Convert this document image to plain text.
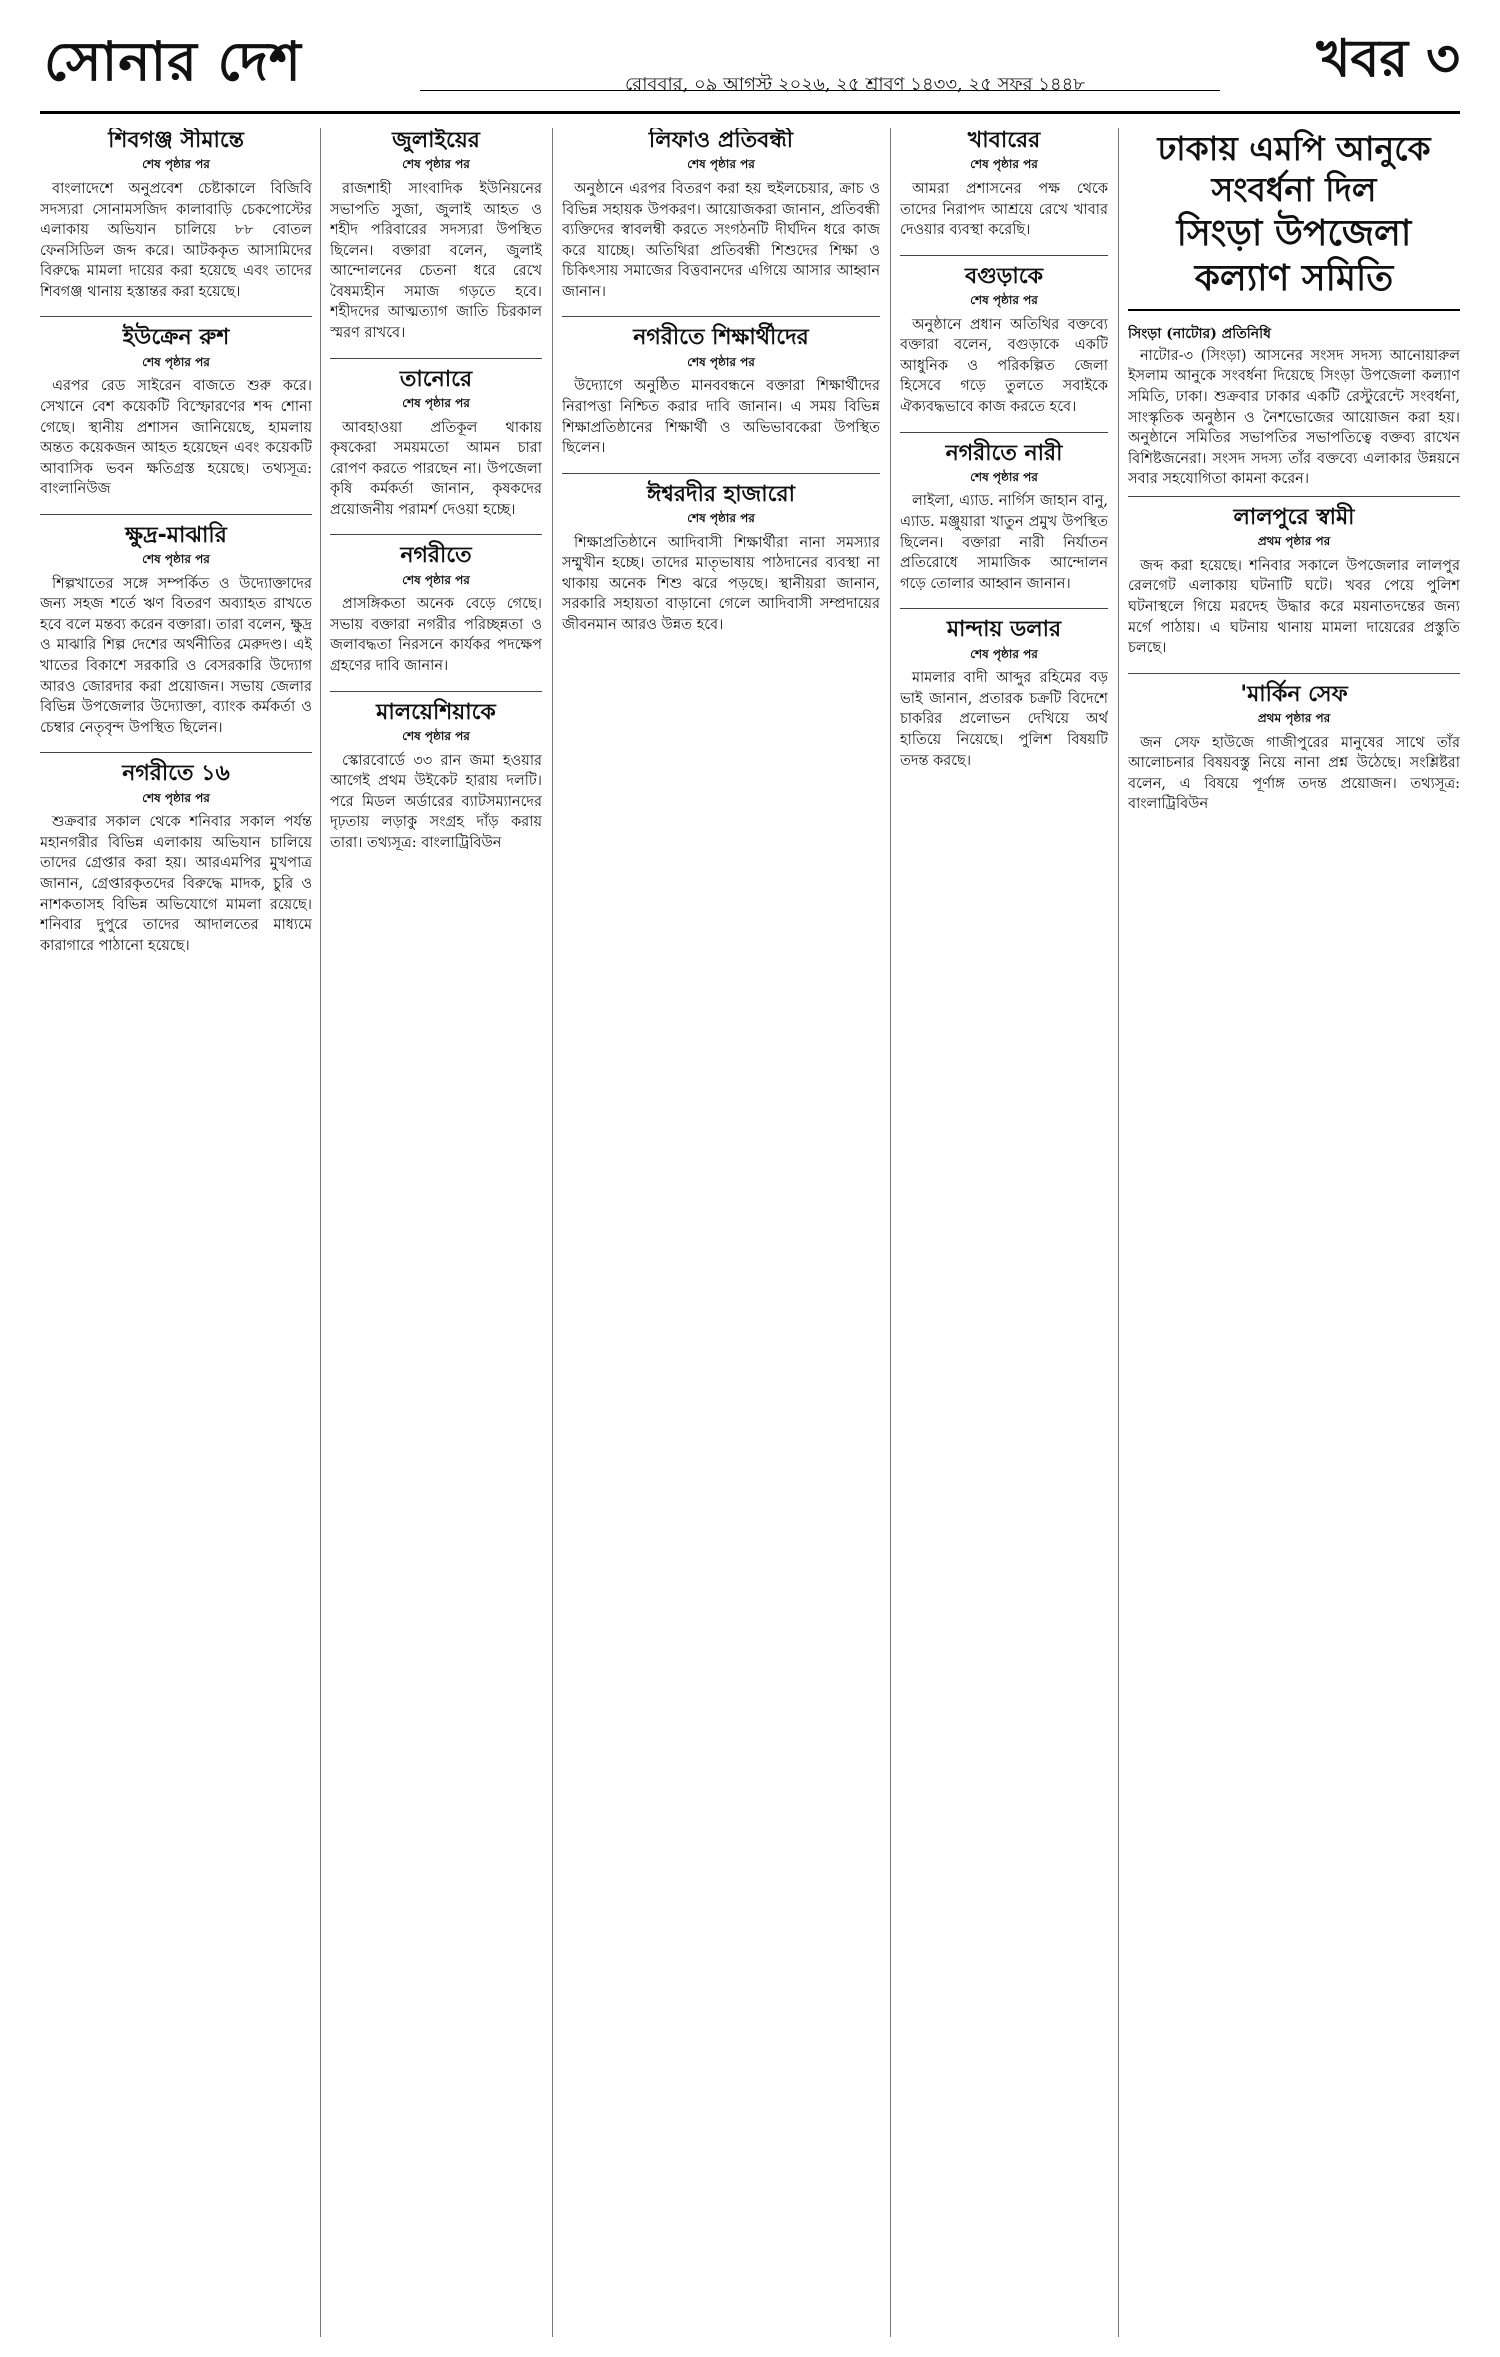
সোনার দেশ	রোববার, ০৯ আগস্ট ২০২৬, ২৫ শ্রাবণ ১৪৩৩, ২৫ সফর ১৪৪৮	খবর ৩
শিবগঞ্জ সীমান্তে
শেষ পৃষ্ঠার পর
বাংলাদেশে অনুপ্রবেশ চেষ্টাকালে বিজিবি সদস্যরা সোনামসজিদ কালাবাড়ি চেকপোস্টের এলাকায় অভিযান চালিয়ে ৮৮ বোতল ফেনসিডিল জব্দ করে। আটককৃত আসামিদের বিরুদ্ধে মামলা দায়ের করা হয়েছে এবং তাদের শিবগঞ্জ থানায় হস্তান্তর করা হয়েছে।
ইউক্রেন রুশ
শেষ পৃষ্ঠার পর
এরপর রেড সাইরেন বাজতে শুরু করে। সেখানে বেশ কয়েকটি বিস্ফোরণের শব্দ শোনা গেছে। স্থানীয় প্রশাসন জানিয়েছে, হামলায় অন্তত কয়েকজন আহত হয়েছেন এবং কয়েকটি আবাসিক ভবন ক্ষতিগ্রস্ত হয়েছে। তথ্যসূত্র: বাংলানিউজ
ক্ষুদ্র-মাঝারি
শেষ পৃষ্ঠার পর
শিল্পখাতের সঙ্গে সম্পর্কিত ও উদ্যোক্তাদের জন্য সহজ শর্তে ঋণ বিতরণ অব্যাহত রাখতে হবে বলে মন্তব্য করেন বক্তারা। তারা বলেন, ক্ষুদ্র ও মাঝারি শিল্প দেশের অর্থনীতির মেরুদণ্ড। এই খাতের বিকাশে সরকারি ও বেসরকারি উদ্যোগ আরও জোরদার করা প্রয়োজন। সভায় জেলার বিভিন্ন উপজেলার উদ্যোক্তা, ব্যাংক কর্মকর্তা ও চেম্বার নেতৃবৃন্দ উপস্থিত ছিলেন।
নগরীতে ১৬
শেষ পৃষ্ঠার পর
শুক্রবার সকাল থেকে শনিবার সকাল পর্যন্ত মহানগরীর বিভিন্ন এলাকায় অভিযান চালিয়ে তাদের গ্রেপ্তার করা হয়। আরএমপির মুখপাত্র জানান, গ্রেপ্তারকৃতদের বিরুদ্ধে মাদক, চুরি ও নাশকতাসহ বিভিন্ন অভিযোগে মামলা রয়েছে। শনিবার দুপুরে তাদের আদালতের মাধ্যমে কারাগারে পাঠানো হয়েছে।
জুলাইয়ের
শেষ পৃষ্ঠার পর
রাজশাহী সাংবাদিক ইউনিয়নের সভাপতি সুজা, জুলাই আহত ও শহীদ পরিবারের সদস্যরা উপস্থিত ছিলেন। বক্তারা বলেন, জুলাই আন্দোলনের চেতনা ধরে রেখে বৈষম্যহীন সমাজ গড়তে হবে। শহীদদের আত্মত্যাগ জাতি চিরকাল স্মরণ রাখবে।
তানোরে
শেষ পৃষ্ঠার পর
আবহাওয়া প্রতিকূল থাকায় কৃষকেরা সময়মতো আমন চারা রোপণ করতে পারছেন না। উপজেলা কৃষি কর্মকর্তা জানান, কৃষকদের প্রয়োজনীয় পরামর্শ দেওয়া হচ্ছে।
নগরীতে
শেষ পৃষ্ঠার পর
প্রাসঙ্গিকতা অনেক বেড়ে গেছে। সভায় বক্তারা নগরীর পরিচ্ছন্নতা ও জলাবদ্ধতা নিরসনে কার্যকর পদক্ষেপ গ্রহণের দাবি জানান।
মালয়েশিয়াকে
শেষ পৃষ্ঠার পর
স্কোরবোর্ডে ৩৩ রান জমা হওয়ার আগেই প্রথম উইকেট হারায় দলটি। পরে মিডল অর্ডারের ব্যাটসম্যানদের দৃঢ়তায় লড়াকু সংগ্রহ দাঁড় করায় তারা। তথ্যসূত্র: বাংলাট্রিবিউন
লিফাও প্রতিবন্ধী
শেষ পৃষ্ঠার পর
অনুষ্ঠানে এরপর বিতরণ করা হয় হুইলচেয়ার, ক্রাচ ও বিভিন্ন সহায়ক উপকরণ। আয়োজকরা জানান, প্রতিবন্ধী ব্যক্তিদের স্বাবলম্বী করতে সংগঠনটি দীর্ঘদিন ধরে কাজ করে যাচ্ছে। অতিথিরা প্রতিবন্ধী শিশুদের শিক্ষা ও চিকিৎসায় সমাজের বিত্তবানদের এগিয়ে আসার আহ্বান জানান।
নগরীতে শিক্ষার্থীদের
শেষ পৃষ্ঠার পর
উদ্যোগে অনুষ্ঠিত মানববন্ধনে বক্তারা শিক্ষার্থীদের নিরাপত্তা নিশ্চিত করার দাবি জানান। এ সময় বিভিন্ন শিক্ষাপ্রতিষ্ঠানের শিক্ষার্থী ও অভিভাবকেরা উপস্থিত ছিলেন।
ঈশ্বরদীর হাজারো
শেষ পৃষ্ঠার পর
শিক্ষাপ্রতিষ্ঠানে আদিবাসী শিক্ষার্থীরা নানা সমস্যার সম্মুখীন হচ্ছে। তাদের মাতৃভাষায় পাঠদানের ব্যবস্থা না থাকায় অনেক শিশু ঝরে পড়ছে। স্থানীয়রা জানান, সরকারি সহায়তা বাড়ানো গেলে আদিবাসী সম্প্রদায়ের জীবনমান আরও উন্নত হবে।
খাবারের
শেষ পৃষ্ঠার পর
আমরা প্রশাসনের পক্ষ থেকে তাদের নিরাপদ আশ্রয়ে রেখে খাবার দেওয়ার ব্যবস্থা করেছি।
বগুড়াকে
শেষ পৃষ্ঠার পর
অনুষ্ঠানে প্রধান অতিথির বক্তব্যে বক্তারা বলেন, বগুড়াকে একটি আধুনিক ও পরিকল্পিত জেলা হিসেবে গড়ে তুলতে সবাইকে ঐক্যবদ্ধভাবে কাজ করতে হবে।
নগরীতে নারী
শেষ পৃষ্ঠার পর
লাইলা, এ্যাড. নার্গিস জাহান বানু, এ্যাড. মঞ্জুয়ারা খাতুন প্রমুখ উপস্থিত ছিলেন। বক্তারা নারী নির্যাতন প্রতিরোধে সামাজিক আন্দোলন গড়ে তোলার আহ্বান জানান।
মান্দায় ডলার
শেষ পৃষ্ঠার পর
মামলার বাদী আব্দুর রহিমের বড় ভাই জানান, প্রতারক চক্রটি বিদেশে চাকরির প্রলোভন দেখিয়ে অর্থ হাতিয়ে নিয়েছে। পুলিশ বিষয়টি তদন্ত করছে।
ঢাকায় এমপি আনুকে সংবর্ধনা দিল
সিংড়া উপজেলা কল্যাণ সমিতি
সিংড়া (নাটোর) প্রতিনিধি
নাটোর-৩ (সিংড়া) আসনের সংসদ সদস্য আনোয়ারুল ইসলাম আনুকে সংবর্ধনা দিয়েছে সিংড়া উপজেলা কল্যাণ সমিতি, ঢাকা। শুক্রবার ঢাকার একটি রেস্টুরেন্টে সংবর্ধনা, সাংস্কৃতিক অনুষ্ঠান ও নৈশভোজের আয়োজন করা হয়। অনুষ্ঠানে সমিতির সভাপতির সভাপতিত্বে বক্তব্য রাখেন বিশিষ্টজনেরা। সংসদ সদস্য তাঁর বক্তব্যে এলাকার উন্নয়নে সবার সহযোগিতা কামনা করেন।
লালপুরে স্বামী
প্রথম পৃষ্ঠার পর
জব্দ করা হয়েছে। শনিবার সকালে উপজেলার লালপুর রেলগেট এলাকায় ঘটনাটি ঘটে। খবর পেয়ে পুলিশ ঘটনাস্থলে গিয়ে মরদেহ উদ্ধার করে ময়নাতদন্তের জন্য মর্গে পাঠায়। এ ঘটনায় থানায় মামলা দায়েরের প্রস্তুতি চলছে।
'মার্কিন সেফ
প্রথম পৃষ্ঠার পর
জন সেফ হাউজে গাজীপুরের মানুষের সাথে তাঁর আলোচনার বিষয়বস্তু নিয়ে নানা প্রশ্ন উঠেছে। সংশ্লিষ্টরা বলেন, এ বিষয়ে পূর্ণাঙ্গ তদন্ত প্রয়োজন। তথ্যসূত্র: বাংলাট্রিবিউন
